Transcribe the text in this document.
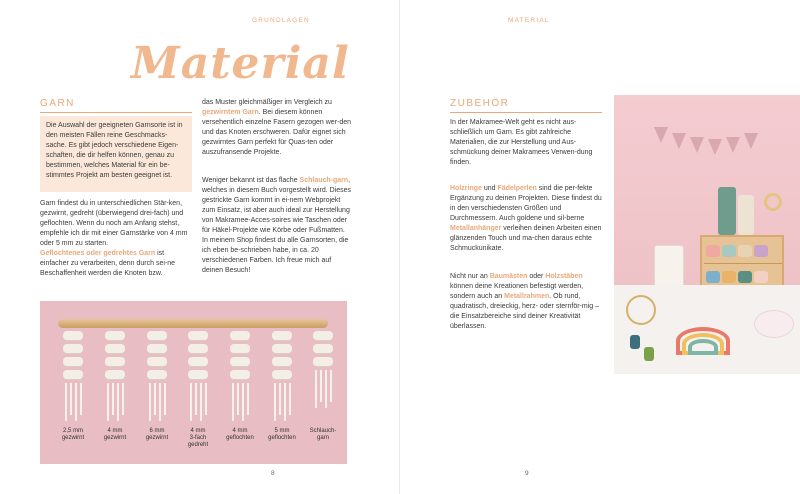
GRUNDLAGEN
Material
GARN
Die Auswahl der geeigneten Garnsorte ist in den meisten Fällen reine Geschmacks-sache. Es gibt jedoch verschiedene Eigen-schaften, die dir helfen können, genau zu bestimmen, welches Material für ein be-stimmtes Projekt am besten geeignet ist.
Garn findest du in unterschiedlichen Stär-ken, gezwirnt, gedreht (überwiegend drei-fach) und geflochten. Wenn du noch am Anfang stehst, empfehle ich dir mit einer Garnstärke von 4 mm oder 5 mm zu starten.
Geflochtenes oder gedrehtes Garn ist einfacher zu verarbeiten, denn durch sei-ne Beschaffenheit werden die Knoten bzw.
das Muster gleichmäßiger im Vergleich zu gezwirntem Garn. Bei diesem können versehentlich einzelne Fasern gezogen wer-den und das Knoten erschweren. Dafür eignet sich gezwirntes Garn perfekt für Quas-ten oder auszufransende Projekte.
Weniger bekannt ist das flache Schlauch-garn, welches in diesem Buch vorgestellt wird. Dieses gestrickte Garn kommt in ei-nem Webprojekt zum Einsatz, ist aber auch ideal zur Herstellung von Makramee-Acces-soires wie Taschen oder für Häkel-Projekte wie Körbe oder Fußmatten. In meinem Shop findest du alle Garnsorten, die ich eben be-schrieben habe, in ca. 20 verschiedenen Farben. Ich freue mich auf deinen Besuch!
2,5 mm
gezwirnt
4 mm
gezwirnt
6 mm
gezwirnt
4 mm
3-fach
gedreht
4 mm
geflochten
5 mm
geflochten
Schlauch-
garn
8
MATERIAL
ZUBEHÖR
In der Makramee-Welt geht es nicht aus-schließlich um Garn. Es gibt zahlreiche Materialien, die zur Herstellung und Aus-schmückung deiner Makramees Verwen-dung finden.
Holzringe und Fädelperlen sind die per-fekte Ergänzung zu deinen Projekten. Diese findest du in den verschiedensten Größen und Durchmessern. Auch goldene und sil-berne Metallanhänger verleihen deinen Arbeiten einen glänzenden Touch und ma-chen daraus echte Schmuckunikate.
Nicht nur an Baumästen oder Holzstäben können deine Kreationen befestigt werden, sondern auch an Metallrahmen. Ob rund, quadratisch, dreieckig, herz- oder sternför-mig – die Einsatzbereiche sind deiner Kreativität überlassen.
9
